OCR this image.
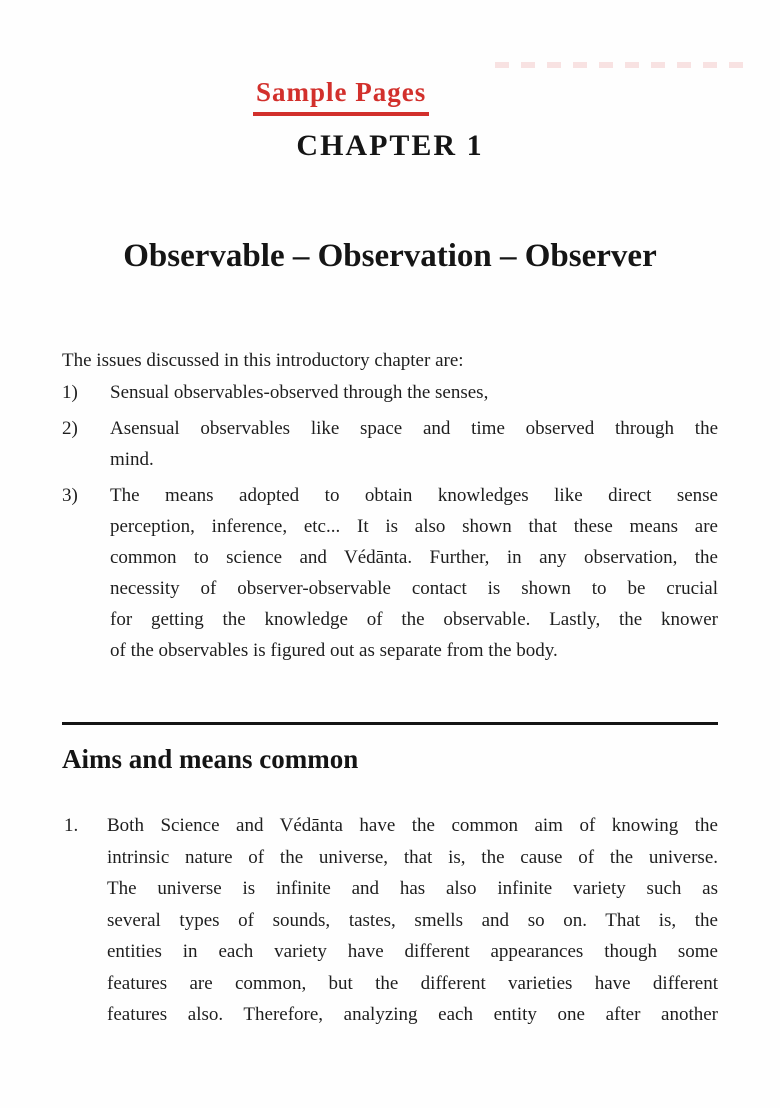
Sample Pages
CHAPTER 1
Observable – Observation – Observer
The issues discussed in this introductory chapter are:
1) Sensual observables-observed through the senses,
2) Asensual observables like space and time observed through the
mind.
3) The means adopted to obtain knowledges like direct sense
perception, inference, etc... It is also shown that these means are
common to science and Védānta. Further, in any observation, the
necessity of observer-observable contact is shown to be crucial
for getting the knowledge of the observable. Lastly, the knower
of the observables is figured out as separate from the body.
Aims and means common
1. Both Science and Védānta have the common aim of knowing the
intrinsic nature of the universe, that is, the cause of the universe.
The universe is infinite and has also infinite variety such as
several types of sounds, tastes, smells and so on. That is, the
entities in each variety have different appearances though some
features are common, but the different varieties have different
features also. Therefore, analyzing each entity one after another
